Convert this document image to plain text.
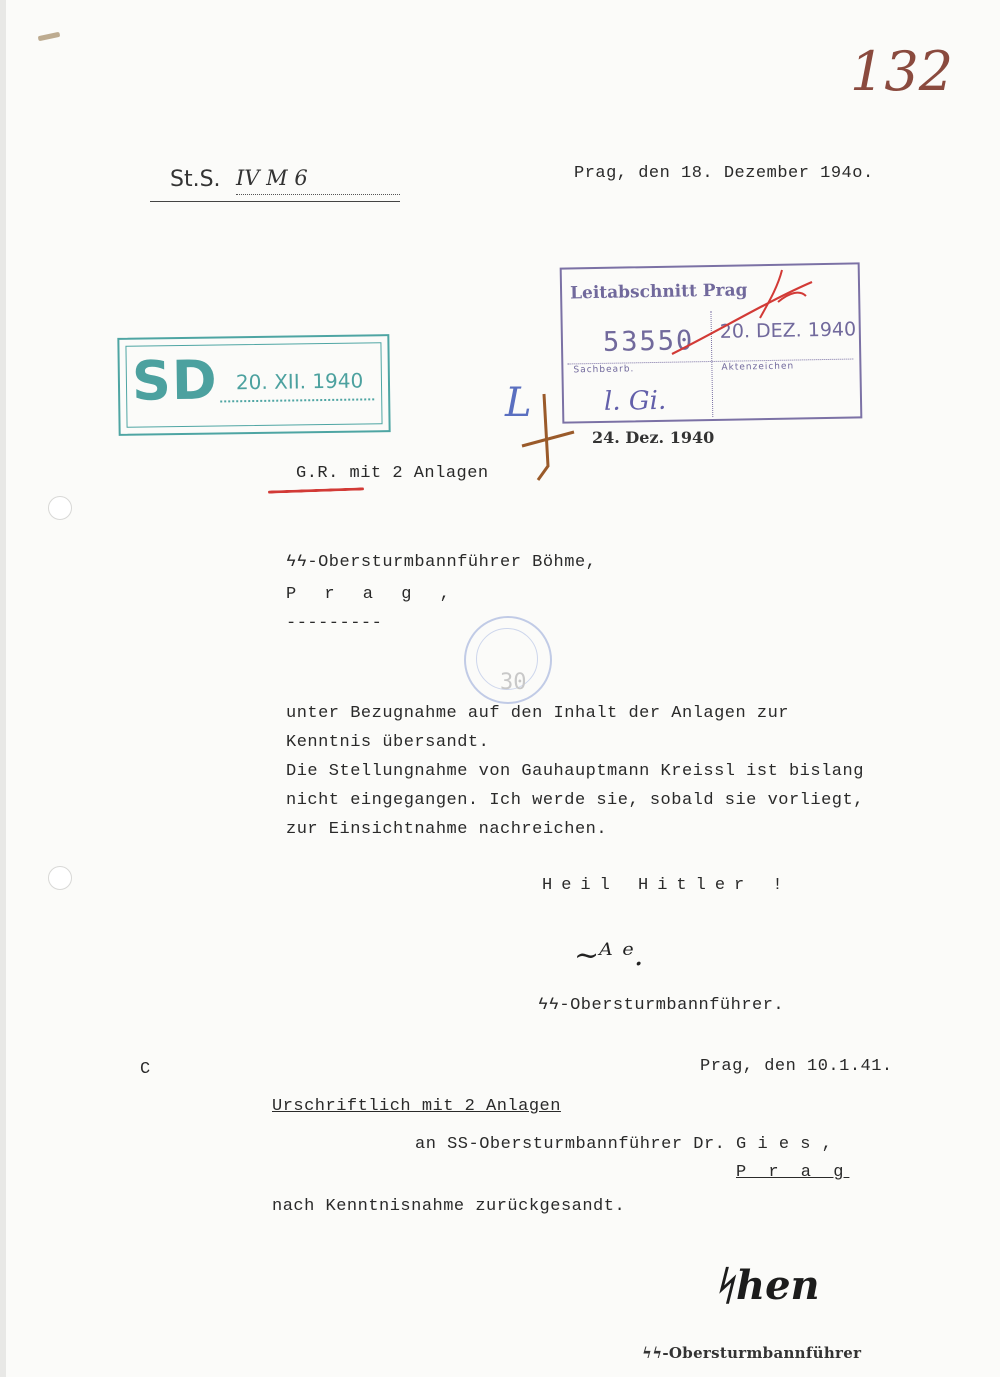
132
St.S. IV M 6	Prag, den 18. Dezember 194o.
SD 20. XII. 1940
Leitabschnitt Prag
53550 20. DEZ. 1940
Sachbearb.	Aktenzeichen
l. Gi.
L
24. Dez. 1940
G.R. mit 2 Anlagen
ϟϟ-Obersturmbannführer Böhme,
P r a g ,
---------
30
unter Bezugnahme auf den Inhalt der Anlagen zur
Kenntnis übersandt.
Die Stellungnahme von Gauhauptmann Kreissl ist bislang
nicht eingegangen. Ich werde sie, sobald sie vorliegt,
zur Einsichtnahme nachreichen.
Heil Hitler !
~ᴬ ᵉ.
ϟϟ-Obersturmbannführer.
C	Prag, den 10.1.41.
Urschriftlich mit 2 Anlagen
an SS-Obersturmbannführer Dr. G i e s ,
P r a g
nach Kenntnisnahme zurückgesandt.
ᛋhen
ϟϟ-Obersturmbannführer
